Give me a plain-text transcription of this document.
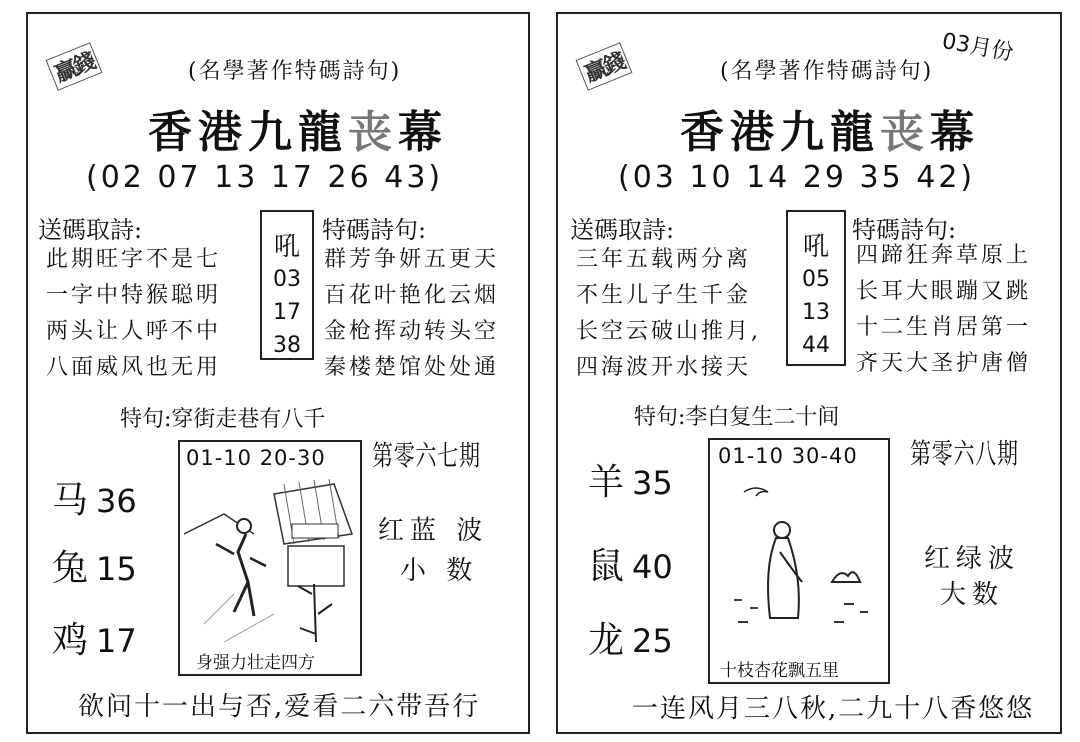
贏錢	(名學著作特碼詩句)
香港九龍丧幕
(02 07 13 17 26 43)
送碼取詩:
此期旺字不是七
一字中特猴聪明
两头让人呼不中
八面威风也无用
吼
03
17
38
特碼詩句:
群芳争妍五更天
百花叶艳化云烟
金枪挥动转头空
秦楼楚馆处处通
特句:穿街走巷有八千
马 36
兔 15
鸡 17
01-10 20-30
身强力壮走四方
第零六七期
红蓝 波
小 数
欲问十一出与否,爱看二六带吾行
贏錢
03月份
(名學著作特碼詩句)
香港九龍丧幕
(03 10 14 29 35 42)
送碼取詩:
三年五载两分离
不生儿子生千金
长空云破山推月,
四海波开水接天
吼
05
13
44
特碼詩句:
四蹄狂奔草原上
长耳大眼蹦又跳
十二生肖居第一
齐天大圣护唐僧
特句:李白复生二十间
羊 35
鼠 40
龙 25
01-10 30-40
十枝杏花飘五里
第零六八期
红绿波
大数
一连风月三八秋,二九十八香悠悠
